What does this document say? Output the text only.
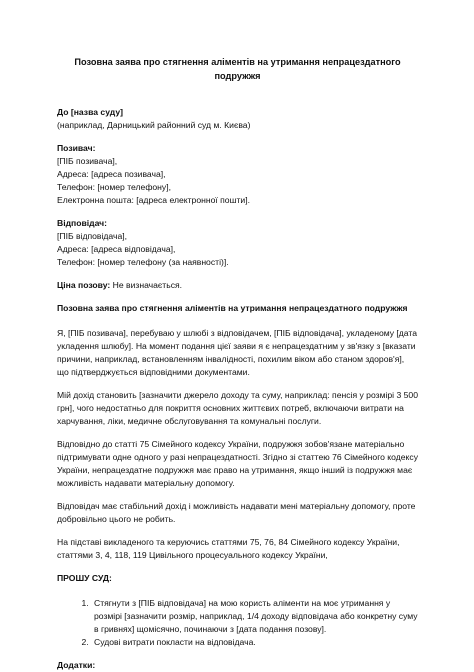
Позовна заява про стягнення аліментів на утримання непрацездатного подружжя
До [назва суду]
(наприклад, Дарницький районний суд м. Києва)
Позивач:
[ПІБ позивача],
Адреса: [адреса позивача],
Телефон: [номер телефону],
Електронна пошта: [адреса електронної пошти].
Відповідач:
[ПІБ відповідача],
Адреса: [адреса відповідача],
Телефон: [номер телефону (за наявності)].

Ціна позову: Не визначається.

Позовна заява про стягнення аліментів на утримання непрацездатного подружжя

Я, [ПІБ позивача], перебуваю у шлюбі з відповідачем, [ПІБ відповідача], укладеному [дата укладення шлюбу]. На момент подання цієї заяви я є непрацездатним у зв'язку з [вказати причини, наприклад, встановленням інвалідності, похилим віком або станом здоров'я], що підтверджується відповідними документами.

Мій дохід становить [зазначити джерело доходу та суму, наприклад: пенсія у розмірі 3 500 грн], чого недостатньо для покриття основних життєвих потреб, включаючи витрати на харчування, ліки, медичне обслуговування та комунальні послуги.

Відповідно до статті 75 Сімейного кодексу України, подружжя зобов'язане матеріально підтримувати одне одного у разі непрацездатності. Згідно зі статтею 76 Сімейного кодексу України, непрацездатне подружжя має право на утримання, якщо інший із подружжя має можливість надавати матеріальну допомогу.

Відповідач має стабільний дохід і можливість надавати мені матеріальну допомогу, проте добровільно цього не робить.

На підставі викладеного та керуючись статтями 75, 76, 84 Сімейного кодексу України, статтями 3, 4, 118, 119 Цивільного процесуального кодексу України,

ПРОШУ СУД:
1. Стягнути з [ПІБ відповідача] на мою користь аліменти на моє утримання у розмірі [зазначити розмір, наприклад, 1/4 доходу відповідача або конкретну суму в гривнях] щомісячно, починаючи з [дата подання позову].
2. Судові витрати покласти на відповідача.
Додатки:
